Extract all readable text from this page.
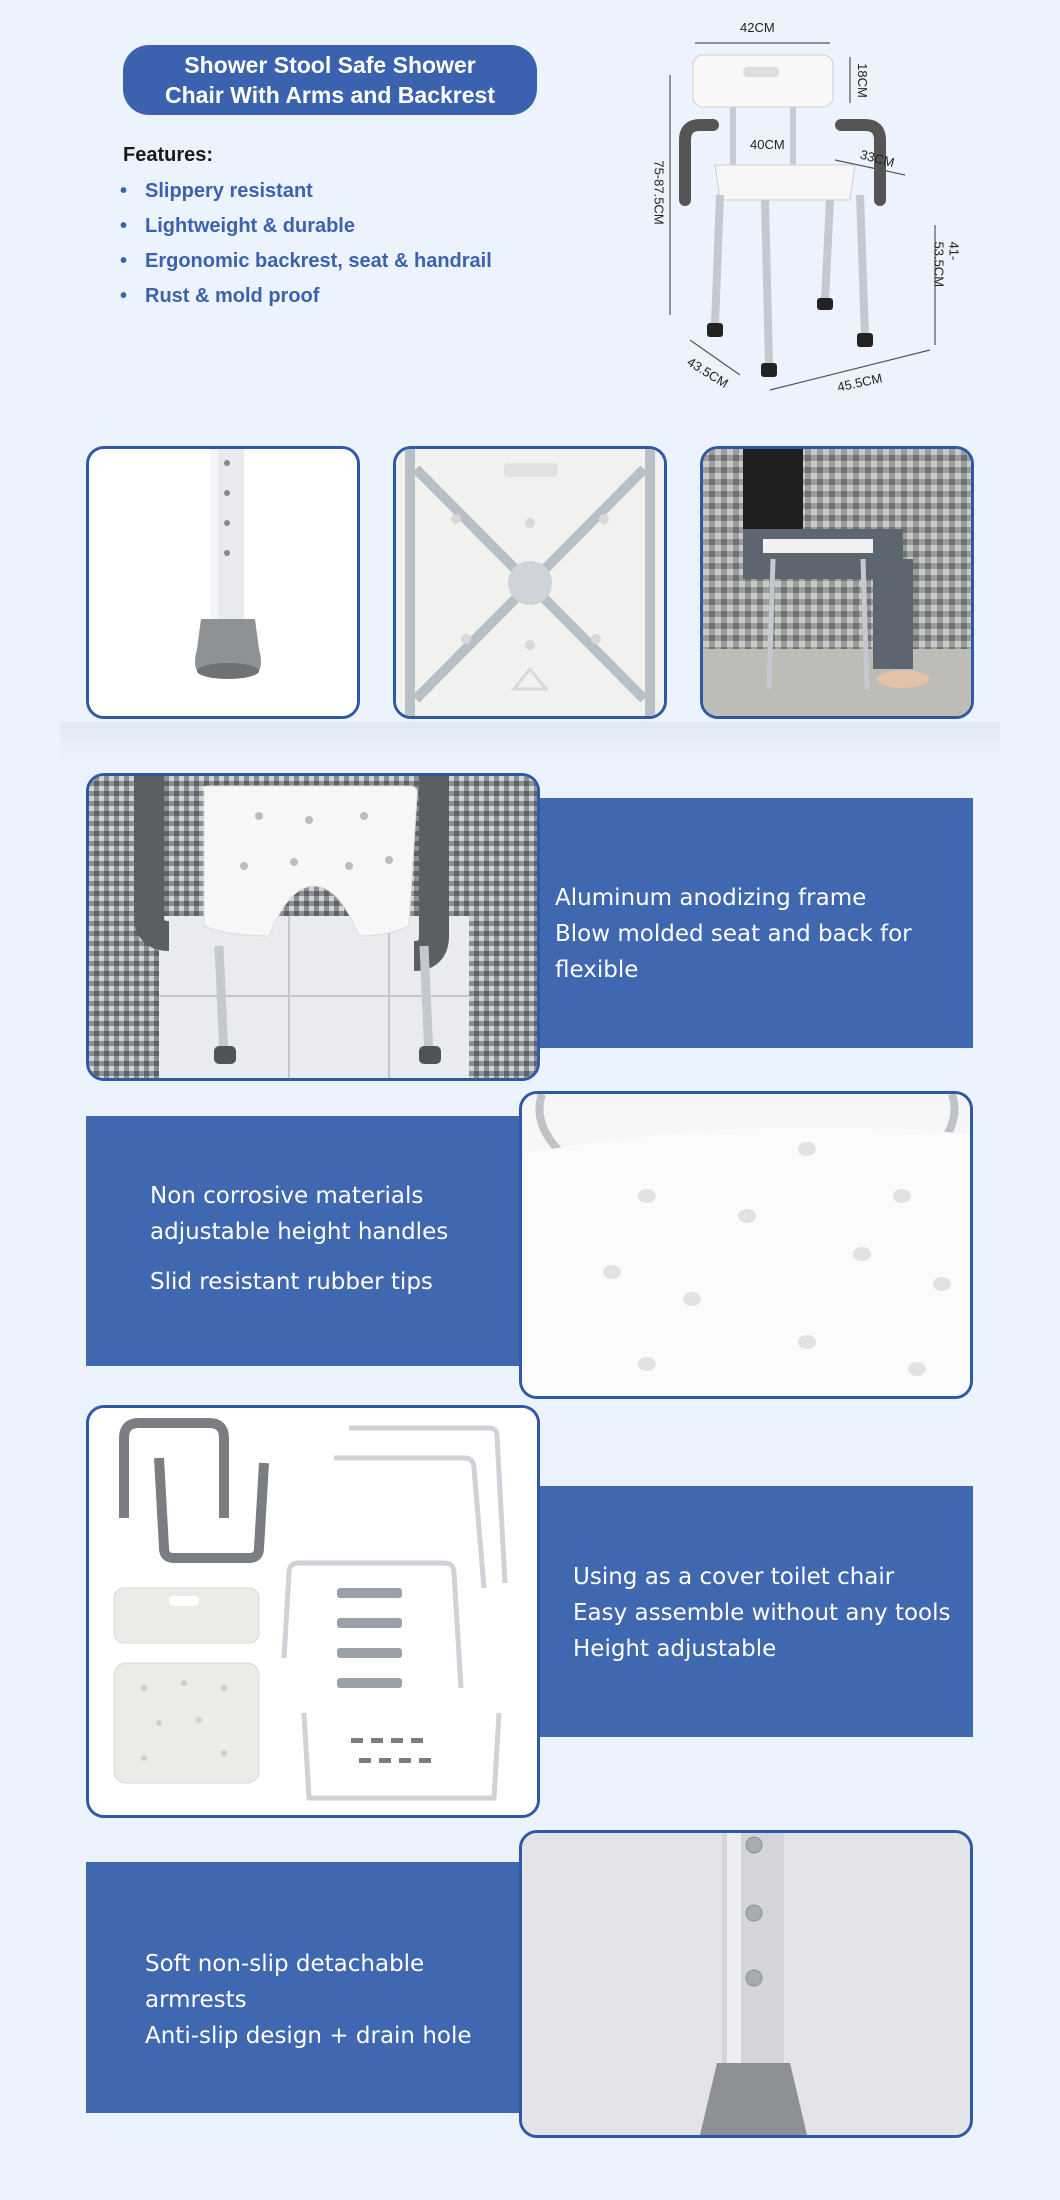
Shower Stool Safe Shower
Chair With Arms and Backrest
Features:
• Slippery resistant
• Lightweight & durable
• Ergonomic backrest, seat & handrail
• Rust & mold proof
42CM
18CM
40CM
33CM
75-87.5CM
41-53.5CM
43.5CM	45.5CM

Aluminum anodizing frame

Blow molded seat and back for flexible

Non corrosive materials

adjustable height handles

Slid resistant rubber tips

Using as a cover toilet chair

Easy assemble without any tools

Height adjustable

Soft non-slip detachable armrests

Anti-slip design + drain hole
